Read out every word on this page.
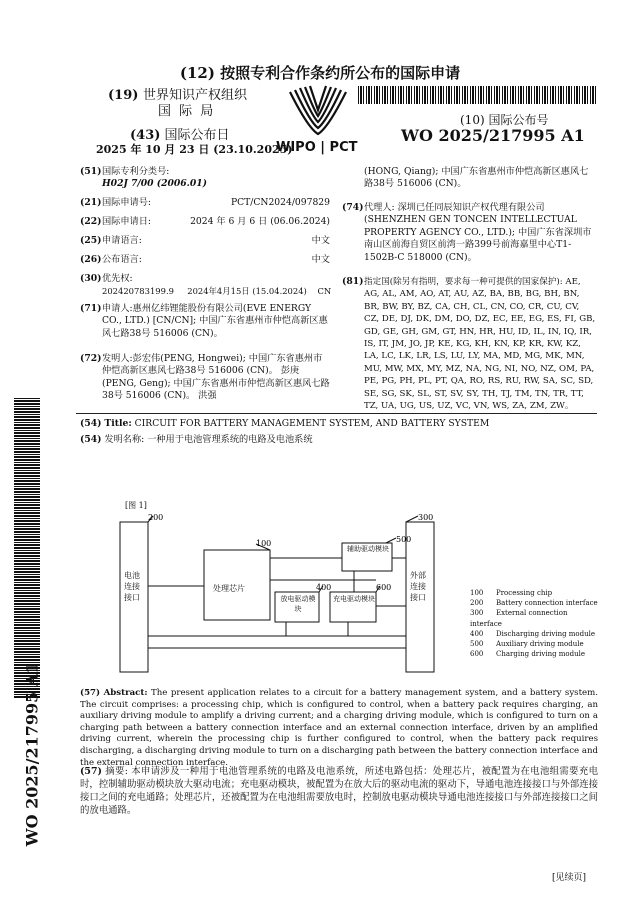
(12) 按照专利合作条约所公布的国际申请
(19) 世界知识产权组织
国 际 局
(43) 国际公布日
2025 年 10 月 23 日 (23.10.2025)
WIPO | PCT
(10) 国际公布号
WO 2025/217995 A1
(51) 国际专利分类号:
H02J 7/00 (2006.01)
(21) 国际申请号:	PCT/CN2024/097829
(22) 国际申请日:	2024 年 6 月 6 日 (06.06.2024)
(25) 申请语言:	中文
(26) 公布语言:	中文
(30) 优先权:
202420783199.9     2024年4月15日 (15.04.2024)    CN
(71) 申请人:惠州亿纬锂能股份有限公司(EVE ENERGY CO., LTD.) [CN/CN]; 中国广东省惠州市仲恺高新区惠风七路38号 516006 (CN)。
(72) 发明人:彭宏伟(PENG, Hongwei); 中国广东省惠州市仲恺高新区惠风七路38号 516006 (CN)。 彭庚 (PENG, Geng); 中国广东省惠州市仲恺高新区惠风七路38号 516006 (CN)。 洪强
(HONG, Qiang); 中国广东省惠州市仲恺高新区惠风七路38号 516006 (CN)。
(74) 代理人: 深圳已任同辰知识产权代理有限公司(SHENZHEN GEN TONCEN INTELLECTUAL PROPERTY AGENCY CO., LTD.); 中国广东省深圳市南山区前海自贸区前湾一路399号前海嘉里中心T1-1502B-C 518000 (CN)。
(81) 指定国(除另有指明，要求每一种可提供的国家保护): AE, AG, AL, AM, AO, AT, AU, AZ, BA, BB, BG, BH, BN, BR, BW, BY, BZ, CA, CH, CL, CN, CO, CR, CU, CV, CZ, DE, DJ, DK, DM, DO, DZ, EC, EE, EG, ES, FI, GB, GD, GE, GH, GM, GT, HN, HR, HU, ID, IL, IN, IQ, IR, IS, IT, JM, JO, JP, KE, KG, KH, KN, KP, KR, KW, KZ, LA, LC, LK, LR, LS, LU, LY, MA, MD, MG, MK, MN, MU, MW, MX, MY, MZ, NA, NG, NI, NO, NZ, OM, PA, PE, PG, PH, PL, PT, QA, RO, RS, RU, RW, SA, SC, SD, SE, SG, SK, SL, ST, SV, SY, TH, TJ, TM, TN, TR, TT, TZ, UA, UG, US, UZ, VC, VN, WS, ZA, ZM, ZW。
(54) Title: CIRCUIT FOR BATTERY MANAGEMENT SYSTEM, AND BATTERY SYSTEM
(54) 发明名称: 一种用于电池管理系统的电路及电池系统
[图 1]
200	300
100
400
500
600
电池连接接口
外部连接接口
处理芯片
辅助驱动模块
放电驱动模块
充电驱动模块
100 Processing chip
200 Battery connection interface
300 External connection interface
400 Discharging driving module
500 Auxiliary driving module
600 Charging driving module
(57) Abstract: The present application relates to a circuit for a battery management system, and a battery system. The circuit comprises: a processing chip, which is configured to control, when a battery pack requires charging, an auxiliary driving module to amplify a driving current; and a charging driving module, which is configured to turn on a charging path between a battery connection interface and an external connection interface, driven by an amplified driving current, wherein the processing chip is further configured to control, when the battery pack requires discharging, a discharging driving module to turn on a discharging path between the battery connection interface and the external connection interface.
(57) 摘要: 本申请涉及一种用于电池管理系统的电路及电池系统，所述电路包括：处理芯片，被配置为在电池组需要充电时，控制辅助驱动模块放大驱动电流；充电驱动模块，被配置为在放大后的驱动电流的驱动下，导通电池连接接口与外部连接接口之间的充电通路；处理芯片，还被配置为在电池组需要放电时，控制放电驱动模块导通电池连接接口与外部连接接口之间的放电通路。
WO 2025/217995 A1
[见续页]
